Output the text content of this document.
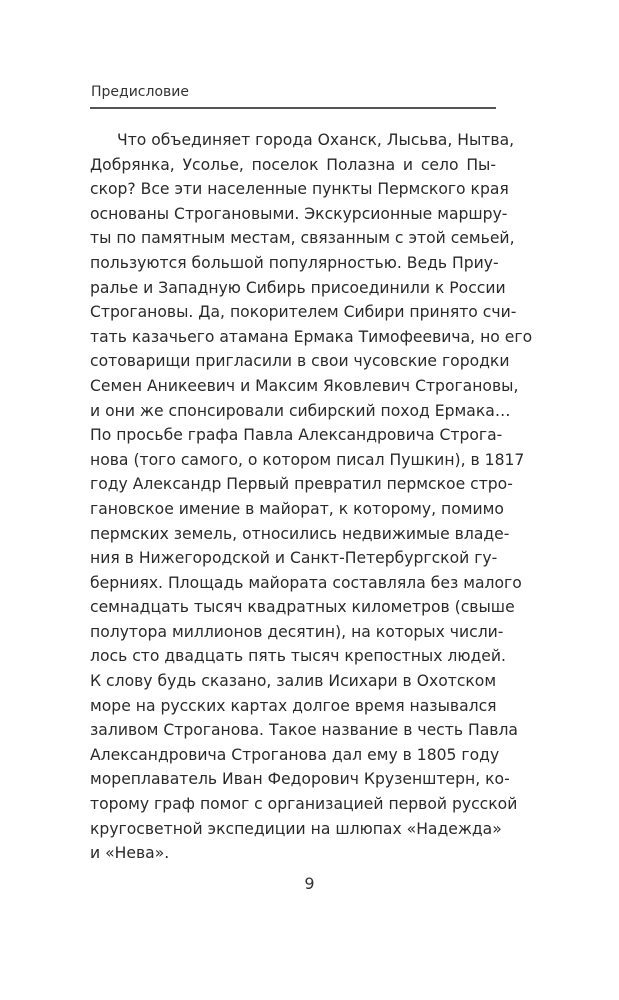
Предисловие
Что объединяет города Оханск, Лысьва, Нытва,
Добрянка, Усолье, поселок Полазна и село Пы-
скор? Все эти населенные пункты Пермского края
основаны Строгановыми. Экскурсионные маршру-
ты по памятным местам, связанным с этой семьей,
пользуются большой популярностью. Ведь Приу-
ралье и Западную Сибирь присоединили к России
Строгановы. Да, покорителем Сибири принято счи-
тать казачьего атамана Ермака Тимофеевича, но его
сотоварищи пригласили в свои чусовские городки
Семен Аникеевич и Максим Яковлевич Строгановы,
и они же спонсировали сибирский поход Ермака…
По просьбе графа Павла Александровича Строга-
нова (того самого, о котором писал Пушкин), в 1817
году Александр Первый превратил пермское стро-
гановское имение в майорат, к которому, помимо
пермских земель, относились недвижимые владе-
ния в Нижегородской и Санкт-Петербургской гу-
берниях. Площадь майората составляла без малого
семнадцать тысяч квадратных километров (свыше
полутора миллионов десятин), на которых числи-
лось сто двадцать пять тысяч крепостных людей.
К слову будь сказано, залив Исихари в Охотском
море на русских картах долгое время назывался
заливом Строганова. Такое название в честь Павла
Александровича Строганова дал ему в 1805 году
мореплаватель Иван Федорович Крузенштерн, ко-
торому граф помог с организацией первой русской
кругосветной экспедиции на шлюпах «Надежда»
и «Нева».
9
